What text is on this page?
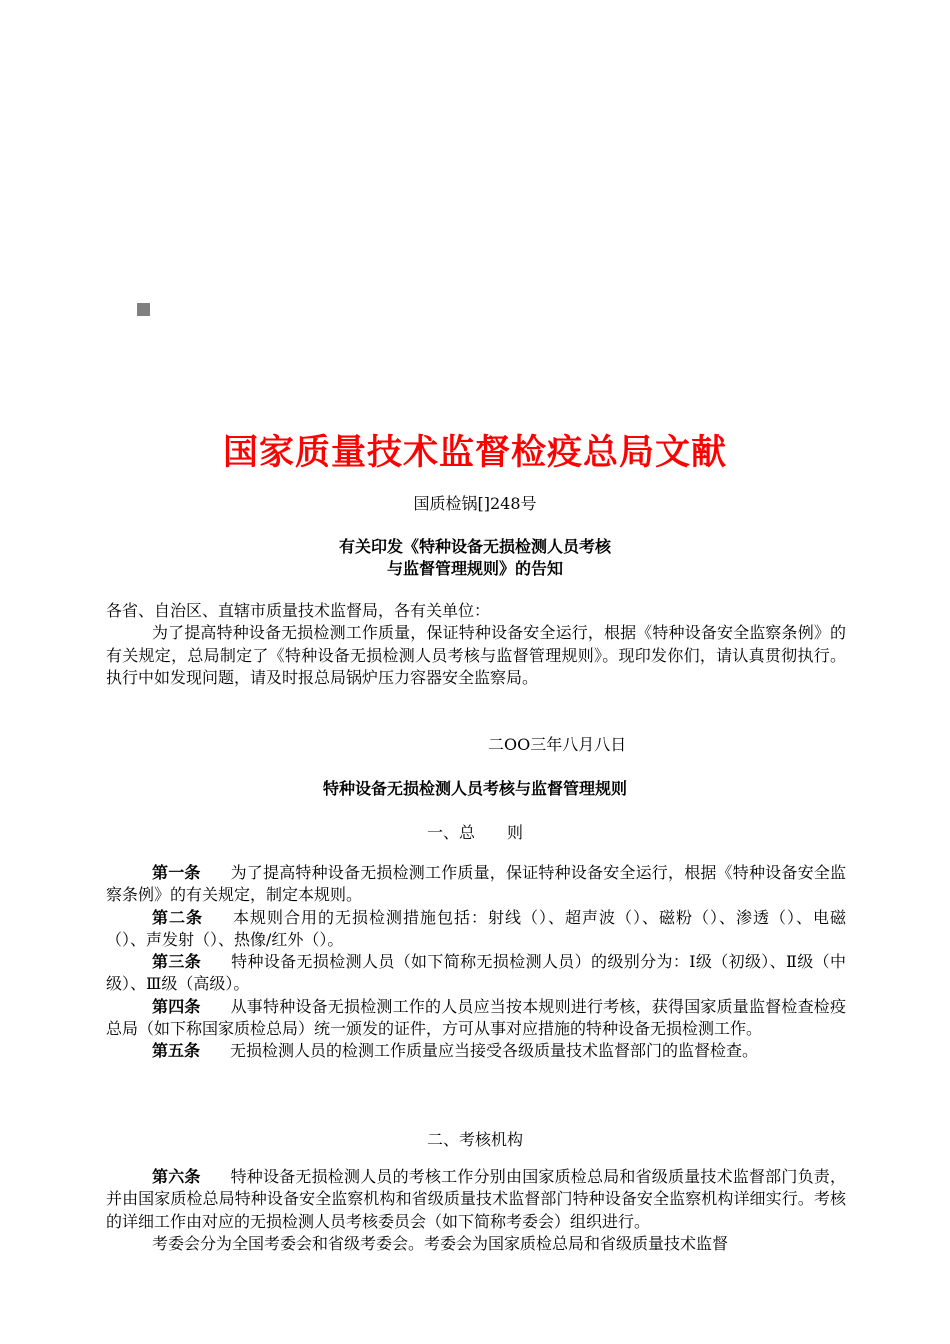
国家质量技术监督检疫总局文献
国质检锅[]248号
有关印发《特种设备无损检测人员考核
与监督管理规则》的告知

各省、自治区、直辖市质量技术监督局，各有关单位：

为了提高特种设备无损检测工作质量，保证特种设备安全运行，根据《特种设备安全监察条例》的有关规定，总局制定了《特种设备无损检测人员考核与监督管理规则》。现印发你们，请认真贯彻执行。执行中如发现问题，请及时报总局锅炉压力容器安全监察局。

二OO三年八月八日
特种设备无损检测人员考核与监督管理规则
一、总　　则

第一条 为了提高特种设备无损检测工作质量，保证特种设备安全运行，根据《特种设备安全监察条例》的有关规定，制定本规则。

第二条 本规则合用的无损检测措施包括：射线（）、超声波（）、磁粉（）、渗透（）、电磁（）、声发射（）、热像/红外（）。

第三条 特种设备无损检测人员（如下简称无损检测人员）的级别分为：Ⅰ级（初级）、Ⅱ级（中级）、Ⅲ级（高级）。

第四条 从事特种设备无损检测工作的人员应当按本规则进行考核，获得国家质量监督检查检疫总局（如下称国家质检总局）统一颁发的证件，方可从事对应措施的特种设备无损检测工作。

第五条 无损检测人员的检测工作质量应当接受各级质量技术监督部门的监督检查。

二、考核机构

第六条 特种设备无损检测人员的考核工作分别由国家质检总局和省级质量技术监督部门负责，并由国家质检总局特种设备安全监察机构和省级质量技术监督部门特种设备安全监察机构详细实行。考核的详细工作由对应的无损检测人员考核委员会（如下简称考委会）组织进行。

考委会分为全国考委会和省级考委会。考委会为国家质检总局和省级质量技术监督
